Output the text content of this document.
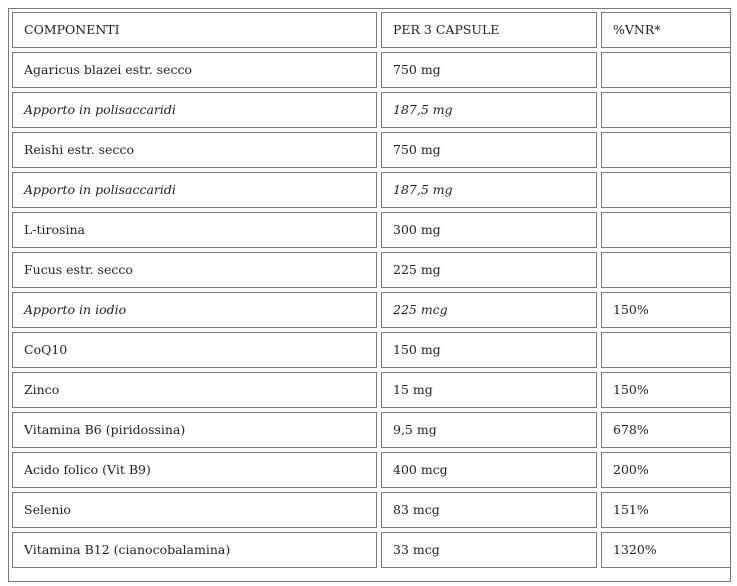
COMPONENTI	PER 3 CAPSULE	%VNR*
Agaricus blazei estr. secco	750 mg	
Apporto in polisaccaridi	187,5 mg	
Reishi estr. secco	750 mg	
Apporto in polisaccaridi	187,5 mg	
L-tirosina	300 mg	
Fucus estr. secco	225 mg	
Apporto in iodio	225 mcg	150%
CoQ10	150 mg	
Zinco	15 mg	150%
Vitamina B6 (piridossina)	9,5 mg	678%
Acido folico (Vit B9)	400 mcg	200%
Selenio	83 mcg	151%
Vitamina B12 (cianocobalamina)	33 mcg	1320%
